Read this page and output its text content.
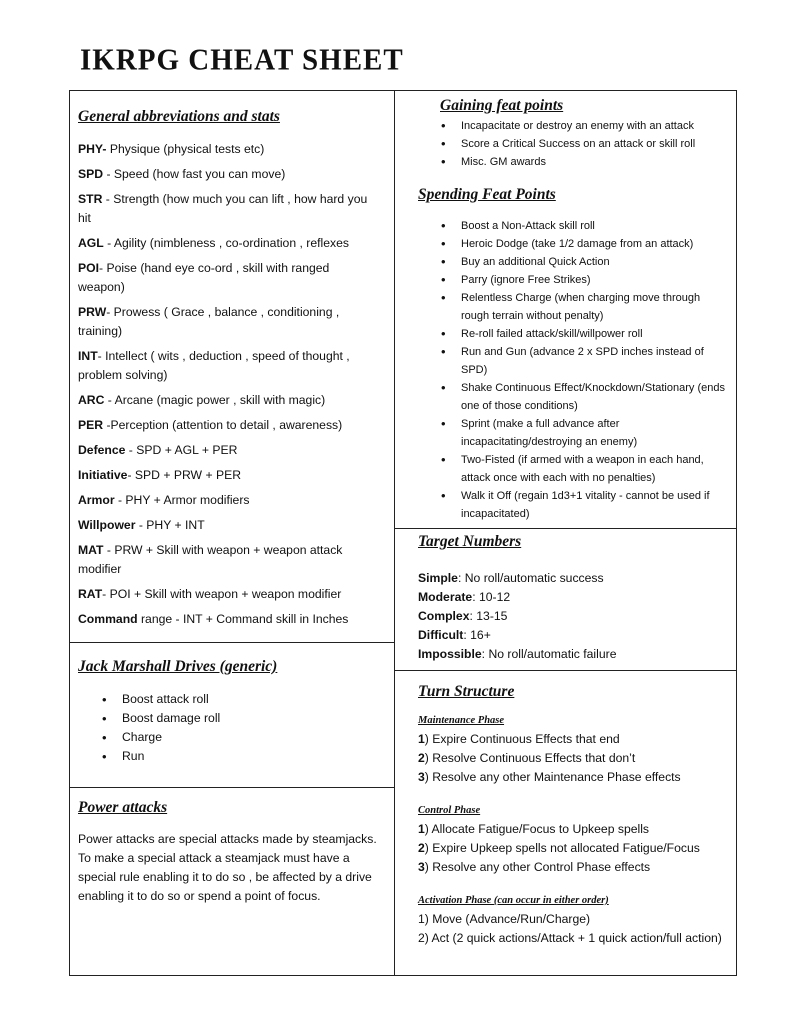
IKRPG CHEAT SHEET
General abbreviations and stats

PHY- Physique (physical tests etc)

SPD - Speed (how fast you can move)

STR - Strength (how much you can lift , how hard you hit

AGL - Agility (nimbleness , co-ordination , reflexes

POI- Poise (hand eye co-ord , skill with ranged weapon)

PRW- Prowess ( Grace , balance , conditioning , training)

INT- Intellect ( wits , deduction , speed of thought , problem solving)

ARC - Arcane (magic power , skill with magic)

PER -Perception (attention to detail , awareness)

Defence - SPD + AGL + PER

Initiative- SPD + PRW + PER

Armor - PHY + Armor modifiers

Willpower - PHY + INT

MAT - PRW + Skill with weapon + weapon attack modifier

RAT- POI + Skill with weapon + weapon modifier

Command range - INT + Command skill in Inches

Jack Marshall Drives (generic)
• Boost attack roll
• Boost damage roll
• Charge
• Run
Power attacks

Power attacks are special attacks made by steamjacks. To make a special attack a steamjack must have a special rule enabling it to do so , be affected by a drive enabling it to do so or spend a point of focus.

Gaining feat points
• Incapacitate or destroy an enemy with an attack
• Score a Critical Success on an attack or skill roll
• Misc. GM awards
Spending Feat Points
• Boost a Non-Attack skill roll
• Heroic Dodge (take 1/2 damage from an attack)
• Buy an additional Quick Action
• Parry (ignore Free Strikes)
• Relentless Charge (when charging move through rough terrain without penalty)
• Re-roll failed attack/skill/willpower roll
• Run and Gun (advance 2 x SPD inches instead of SPD)
• Shake Continuous Effect/Knockdown/Stationary (ends one of those conditions)
• Sprint (make a full advance after incapacitating/destroying an enemy)
• Two-Fisted (if armed with a weapon in each hand, attack once with each with no penalties)
• Walk it Off (regain 1d3+1 vitality - cannot be used if incapacitated)
Target Numbers

Simple: No roll/automatic success

Moderate: 10-12

Complex: 13-15

Difficult: 16+

Impossible: No roll/automatic failure

Turn Structure

Maintenance Phase

1) Expire Continuous Effects that end

2) Resolve Continuous Effects that don’t

3) Resolve any other Maintenance Phase effects

Control Phase

1) Allocate Fatigue/Focus to Upkeep spells

2) Expire Upkeep spells not allocated Fatigue/Focus

3) Resolve any other Control Phase effects

Activation Phase (can occur in either order)

1) Move (Advance/Run/Charge)

2) Act (2 quick actions/Attack + 1 quick action/full action)
